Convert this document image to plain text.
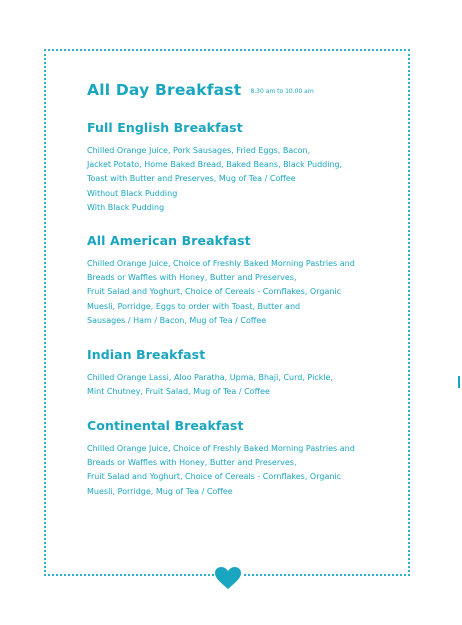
All Day Breakfast 8.30 am to 10.00 am
Full English Breakfast
Chilled Orange Juice, Pork Sausages, Fried Eggs, Bacon,
Jacket Potato, Home Baked Bread, Baked Beans, Black Pudding,
Toast with Butter and Preserves, Mug of Tea / Coffee
Without Black Pudding
With Black Pudding
All American Breakfast
Chilled Orange Juice, Choice of Freshly Baked Morning Pastries and
Breads or Waffles with Honey, Butter and Preserves,
Fruit Salad and Yoghurt, Choice of Cereals - Cornflakes, Organic
Muesli, Porridge, Eggs to order with Toast, Butter and
Sausages / Ham / Bacon, Mug of Tea / Coffee
Indian Breakfast
Chilled Orange Lassi, Aloo Paratha, Upma, Bhaji, Curd, Pickle,
Mint Chutney, Fruit Salad, Mug of Tea / Coffee
Continental Breakfast
Chilled Orange Juice, Choice of Freshly Baked Morning Pastries and
Breads or Waffles with Honey, Butter and Preserves,
Fruit Salad and Yoghurt, Choice of Cereals - Cornflakes, Organic
Muesli, Porridge, Mug of Tea / Coffee
